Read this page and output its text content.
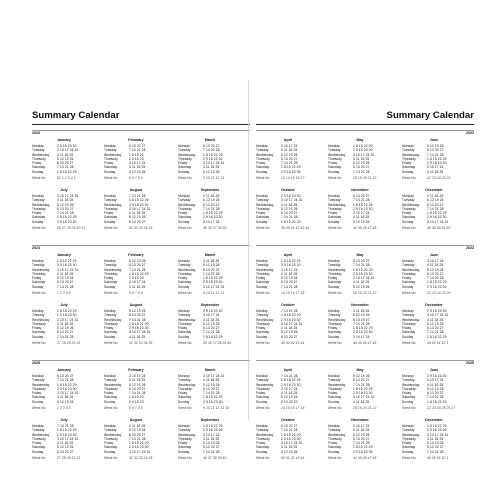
Summary Calendar
2023
January
Monday	2 9 16 23 30
Tuesday	3 10 17 24 31
Wednesday 4 11 18 25
Thursday	5 12 19 26
Friday	6 13 20 27
Saturday	7 14 21 28
Sunday	1 8 15 22 29
Week No.	52 1 2 3 4 5
February
Monday	6 13 20 27
Tuesday	7 14 21 28
Wednesday 1 8 15 22
Thursday	2 9 16 23
Friday	3 10 17 24
Saturday	4 11 18 25
Sunday	5 12 19 26
Week No.	5 6 7 8 9
March
Monday	6 13 20 27
Tuesday	7 14 21 28
Wednesday 1 8 15 22 29
Thursday	2 9 16 23 30
Friday	3 10 17 24 31
Saturday	4 11 18 25
Sunday	5 12 19 26
Week No.	9 10 11 12 13
July
Monday	3 10 17 24 31
Tuesday	4 11 18 25
Wednesday 5 12 19 26
Thursday	6 13 20 27
Friday	7 14 21 28
Saturday	1 8 15 22 29
Sunday	2 9 16 23 30
Week No.	26 27 28 29 30 31
August
Monday	7 14 21 28
Tuesday	1 8 15 22 29
Wednesday 2 9 16 23 30
Thursday	3 10 17 24 31
Friday	4 11 18 25
Saturday	5 12 19 26
Sunday	6 13 20 27
Week No.	31 32 33 34 35
September
Monday	4 11 18 25
Tuesday	5 12 19 26
Wednesday 6 13 20 27
Thursday	7 14 21 28
Friday	1 8 15 22 29
Saturday	2 9 16 23 30
Sunday	3 10 17 24
Week No.	35 36 37 38 39
2024
January
Monday	1 8 15 22 29
Tuesday	2 9 16 23 30
Wednesday 3 10 17 24 31
Thursday	4 11 18 25
Friday	5 12 19 26
Saturday	6 13 20 27
Sunday	7 14 21 28
Week No.	1 2 3 4 5
February
Monday	5 12 19 26
Tuesday	6 13 20 27
Wednesday 7 14 21 28
Thursday	1 8 15 22 29
Friday	2 9 16 23
Saturday	3 10 17 24
Sunday	4 11 18 25
Week No.	5 6 7 8 9
March
Monday	4 11 18 25
Tuesday	5 12 19 26
Wednesday 6 13 20 27
Thursday	7 14 21 28
Friday	1 8 15 22 29
Saturday	2 9 16 23 30
Sunday	3 10 17 24 31
Week No.	9 10 11 12 13
July
Monday	1 8 15 22 29
Tuesday	2 9 16 23 30
Wednesday 3 10 17 24 31
Thursday	4 11 18 25
Friday	5 12 19 26
Saturday	6 13 20 27
Sunday	7 14 21 28
Week No.	27 28 29 30 31
August
Monday	5 12 19 26
Tuesday	6 13 20 27
Wednesday 7 14 21 28
Thursday	1 8 15 22 29
Friday	2 9 16 23 30
Saturday	3 10 17 24 31
Sunday	4 11 18 25
Week No.	31 32 33 34 35
September
Monday	2 9 16 23 30
Tuesday	3 10 17 24
Wednesday 4 11 18 25
Thursday	5 12 19 26
Friday	6 13 20 27
Saturday	7 14 21 28
Sunday	1 8 15 22 29
Week No.	35 36 37 38 39 40
2025
January
Monday	6 13 20 27
Tuesday	7 14 21 28
Wednesday 1 8 15 22 29
Thursday	2 9 16 23 30
Friday	3 10 17 24 31
Saturday	4 11 18 25
Sunday	5 12 19 26
Week No.	1 2 3 4 5
February
Monday	3 10 17 24
Tuesday	4 11 18 25
Wednesday 5 12 19 26
Thursday	6 13 20 27
Friday	7 14 21 28
Saturday	1 8 15 22
Sunday	2 9 16 23
Week No.	5 6 7 8 9
March
Monday	3 10 17 24 31
Tuesday	4 11 18 25
Wednesday 5 12 19 26
Thursday	6 13 20 27
Friday	7 14 21 28
Saturday	1 8 15 22 29
Sunday	2 9 16 23 30
Week No.	9 10 11 12 13 14
July
Monday	7 14 21 28
Tuesday	1 8 15 22 29
Wednesday 2 9 16 23 30
Thursday	3 10 17 24 31
Friday	4 11 18 25
Saturday	5 12 19 26
Sunday	6 13 20 27
Week No.	27 28 29 30 31
August
Monday	4 11 18 25
Tuesday	5 12 19 26
Wednesday 6 13 20 27
Thursday	7 14 21 28
Friday	1 8 15 22 29
Saturday	2 9 16 23 30
Sunday	3 10 17 24 31
Week No.	31 32 33 34 35
September
Monday	1 8 15 22 29
Tuesday	2 9 16 23 30
Wednesday 3 10 17 24
Thursday	4 11 18 25
Friday	5 12 19 26
Saturday	6 13 20 27
Sunday	7 14 21 28
Week No.	36 37 38 39 40
Summary Calendar
2023
April
Monday	3 10 17 24
Tuesday	4 11 18 25
Wednesday 5 12 19 26
Thursday	6 13 20 27
Friday	7 14 21 28
Saturday	1 8 15 22 29
Sunday	2 9 16 23 30
Week No.	13 14 15 16 17
May
Monday	1 8 15 22 29
Tuesday	2 9 16 23 30
Wednesday 3 10 17 24 31
Thursday	4 11 18 25
Friday	5 12 19 26
Saturday	6 13 20 27
Sunday	7 14 21 28
Week No.	18 19 20 21 22
June
Monday	5 12 19 26
Tuesday	6 13 20 27
Wednesday 7 14 21 28
Thursday	1 8 15 22 29
Friday	2 9 16 23 30
Saturday	3 10 17 24
Sunday	4 11 18 25
Week No.	22 23 24 25 26
October
Monday	2 9 16 23 30
Tuesday	3 10 17 24 31
Wednesday 4 11 18 25
Thursday	5 12 19 26
Friday	6 13 20 27
Saturday	7 14 21 28
Sunday	1 8 15 22 29
Week No.	39 40 41 42 43 44
November
Monday	6 13 20 27
Tuesday	7 14 21 28
Wednesday 1 8 15 22 29
Thursday	2 9 16 23 30
Friday	3 10 17 24
Saturday	4 11 18 25
Sunday	5 12 19 26
Week No.	44 45 46 47 48
December
Monday	4 11 18 25
Tuesday	5 12 19 26
Wednesday 6 13 20 27
Thursday	7 14 21 28
Friday	1 8 15 22 29
Saturday	2 9 16 23 30
Sunday	3 10 17 24 31
Week No.	48 49 50 51 52
2024
April
Monday	1 8 15 22 29
Tuesday	2 9 16 23 30
Wednesday 3 10 17 24
Thursday	4 11 18 25
Friday	5 12 19 26
Saturday	6 13 20 27
Sunday	7 14 21 28
Week No.	14 15 16 17 18
May
Monday	6 13 20 27
Tuesday	7 14 21 28
Wednesday 1 8 15 22 29
Thursday	2 9 16 23 30
Friday	3 10 17 24 31
Saturday	4 11 18 25
Sunday	5 12 19 26
Week No.	18 19 20 21 22
June
Monday	3 10 17 24
Tuesday	4 11 18 25
Wednesday 5 12 19 26
Thursday	6 13 20 27
Friday	7 14 21 28
Saturday	1 8 15 22 29
Sunday	2 9 16 23 30
Week No.	22 23 24 25 26
October
Monday	7 14 21 28
Tuesday	1 8 15 22 29
Wednesday 2 9 16 23 30
Thursday	3 10 17 24 31
Friday	4 11 18 25
Saturday	5 12 19 26
Sunday	6 13 20 27
Week No.	40 41 42 43 44
November
Monday	4 11 18 25
Tuesday	5 12 19 26
Wednesday 6 13 20 27
Thursday	7 14 21 28
Friday	1 8 15 22 29
Saturday	2 9 16 23 30
Sunday	3 10 17 24
Week No.	44 45 46 47 48
December
Monday	2 9 16 23 30
Tuesday	3 10 17 24 31
Wednesday 4 11 18 25
Thursday	5 12 19 26
Friday	6 13 20 27
Saturday	7 14 21 28
Sunday	1 8 15 22 29
Week No.	49 50 51 52 1
2025
April
Monday	7 14 21 28
Tuesday	1 8 15 22 29
Wednesday 2 9 16 23 30
Thursday	3 10 17 24
Friday	4 11 18 25
Saturday	5 12 19 26
Sunday	6 13 20 27
Week No.	14 15 16 17 18
May
Monday	5 12 19 26
Tuesday	6 13 20 27
Wednesday 7 14 21 28
Thursday	1 8 15 22 29
Friday	2 9 16 23 30
Saturday	3 10 17 24 31
Sunday	4 11 18 25
Week No.	18 19 20 21 22
June
Monday	2 9 16 23 30
Tuesday	3 10 17 24
Wednesday 4 11 18 25
Thursday	5 12 19 26
Friday	6 13 20 27
Saturday	7 14 21 28
Sunday	1 8 15 22 29
Week No.	22 23 24 25 26 27
October
Monday	6 13 20 27
Tuesday	7 14 21 28
Wednesday 1 8 15 22 29
Thursday	2 9 16 23 30
Friday	3 10 17 24 31
Saturday	4 11 18 25
Sunday	5 12 19 26
Week No.	40 41 42 43 44
November
Monday	3 10 17 24
Tuesday	4 11 18 25
Wednesday 5 12 19 26
Thursday	6 13 20 27
Friday	7 14 21 28
Saturday	1 8 15 22 29
Sunday	2 9 16 23 30
Week No.	44 45 46 47 48
December
Monday	1 8 15 22 29
Tuesday	2 9 16 23 30
Wednesday 3 10 17 24 31
Thursday	4 11 18 25
Friday	5 12 19 26
Saturday	6 13 20 27
Sunday	7 14 21 28
Week No.	49 50 51 52 1
